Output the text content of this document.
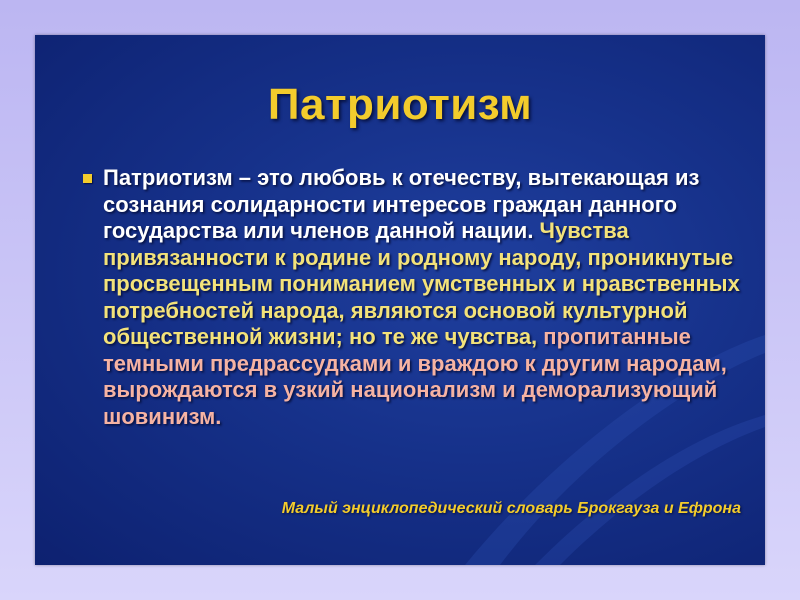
Патриотизм

Патриотизм – это любовь к отечеству, вытекающая из сознания солидарности интересов граждан данного государства или членов данной нации. Чувства привязанности к родине и родному народу, проникнутые просвещенным пониманием умственных и нравственных потребностей народа, являются основой культурной общественной жизни; но те же чувства, пропитанные темными предрассудками и враждою к другим народам, вырождаются в узкий национализм и деморализующий шовинизм.

Малый энциклопедический словарь Брокгауза и Ефрона
